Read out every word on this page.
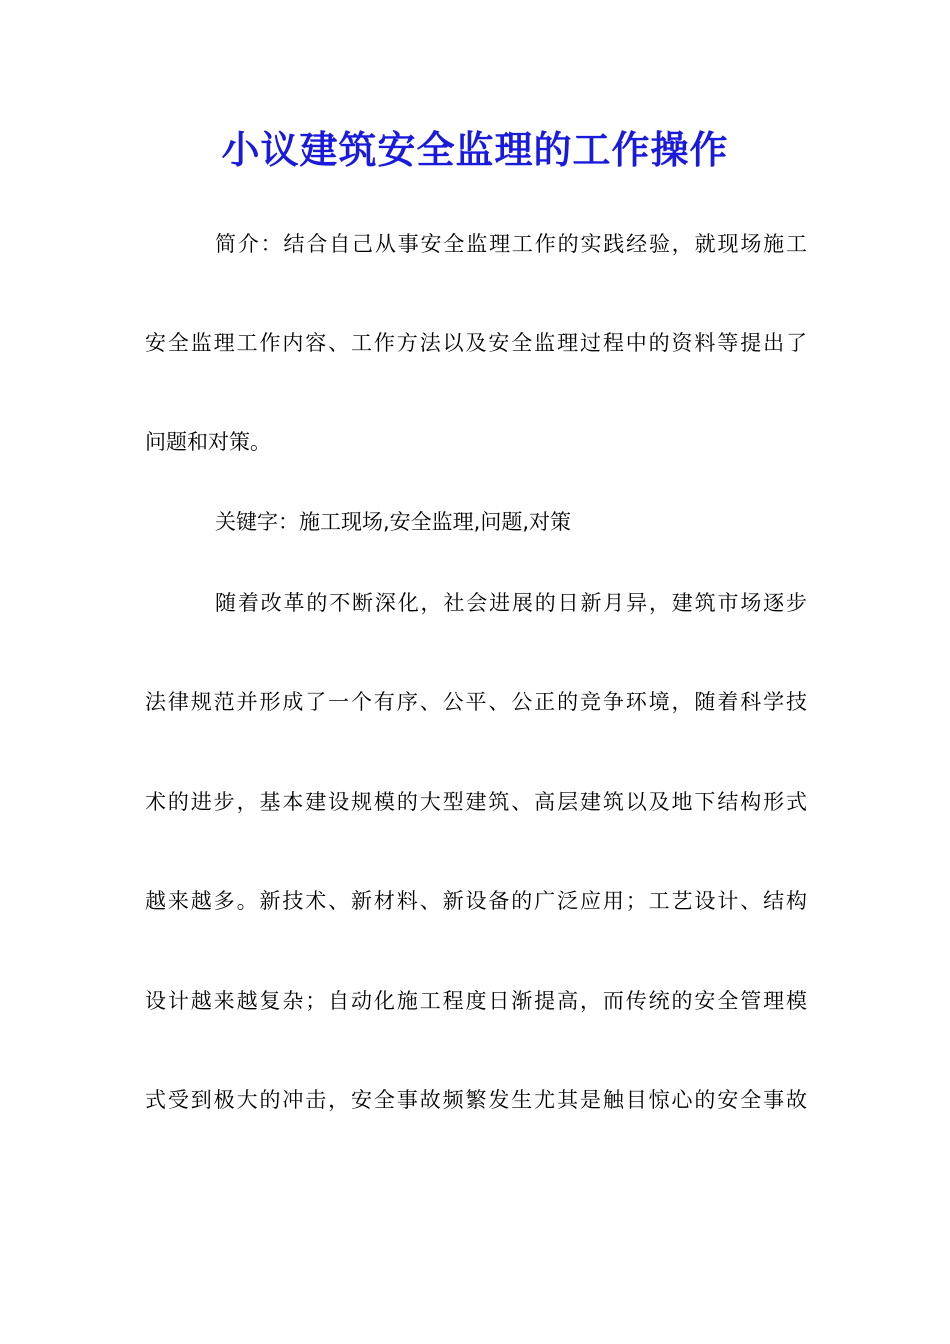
小议建筑安全监理的工作操作

简介：结合自己从事安全监理工作的实践经验，就现场施工

安全监理工作内容、工作方法以及安全监理过程中的资料等提出了

问题和对策。

关键字：施工现场,安全监理,问题,对策

随着改革的不断深化，社会进展的日新月异，建筑市场逐步

法律规范并形成了一个有序、公平、公正的竞争环境，随着科学技

术的进步，基本建设规模的大型建筑、高层建筑以及地下结构形式

越来越多。新技术、新材料、新设备的广泛应用；工艺设计、结构

设计越来越复杂；自动化施工程度日渐提高，而传统的安全管理模

式受到极大的冲击，安全事故频繁发生尤其是触目惊心的安全事故
